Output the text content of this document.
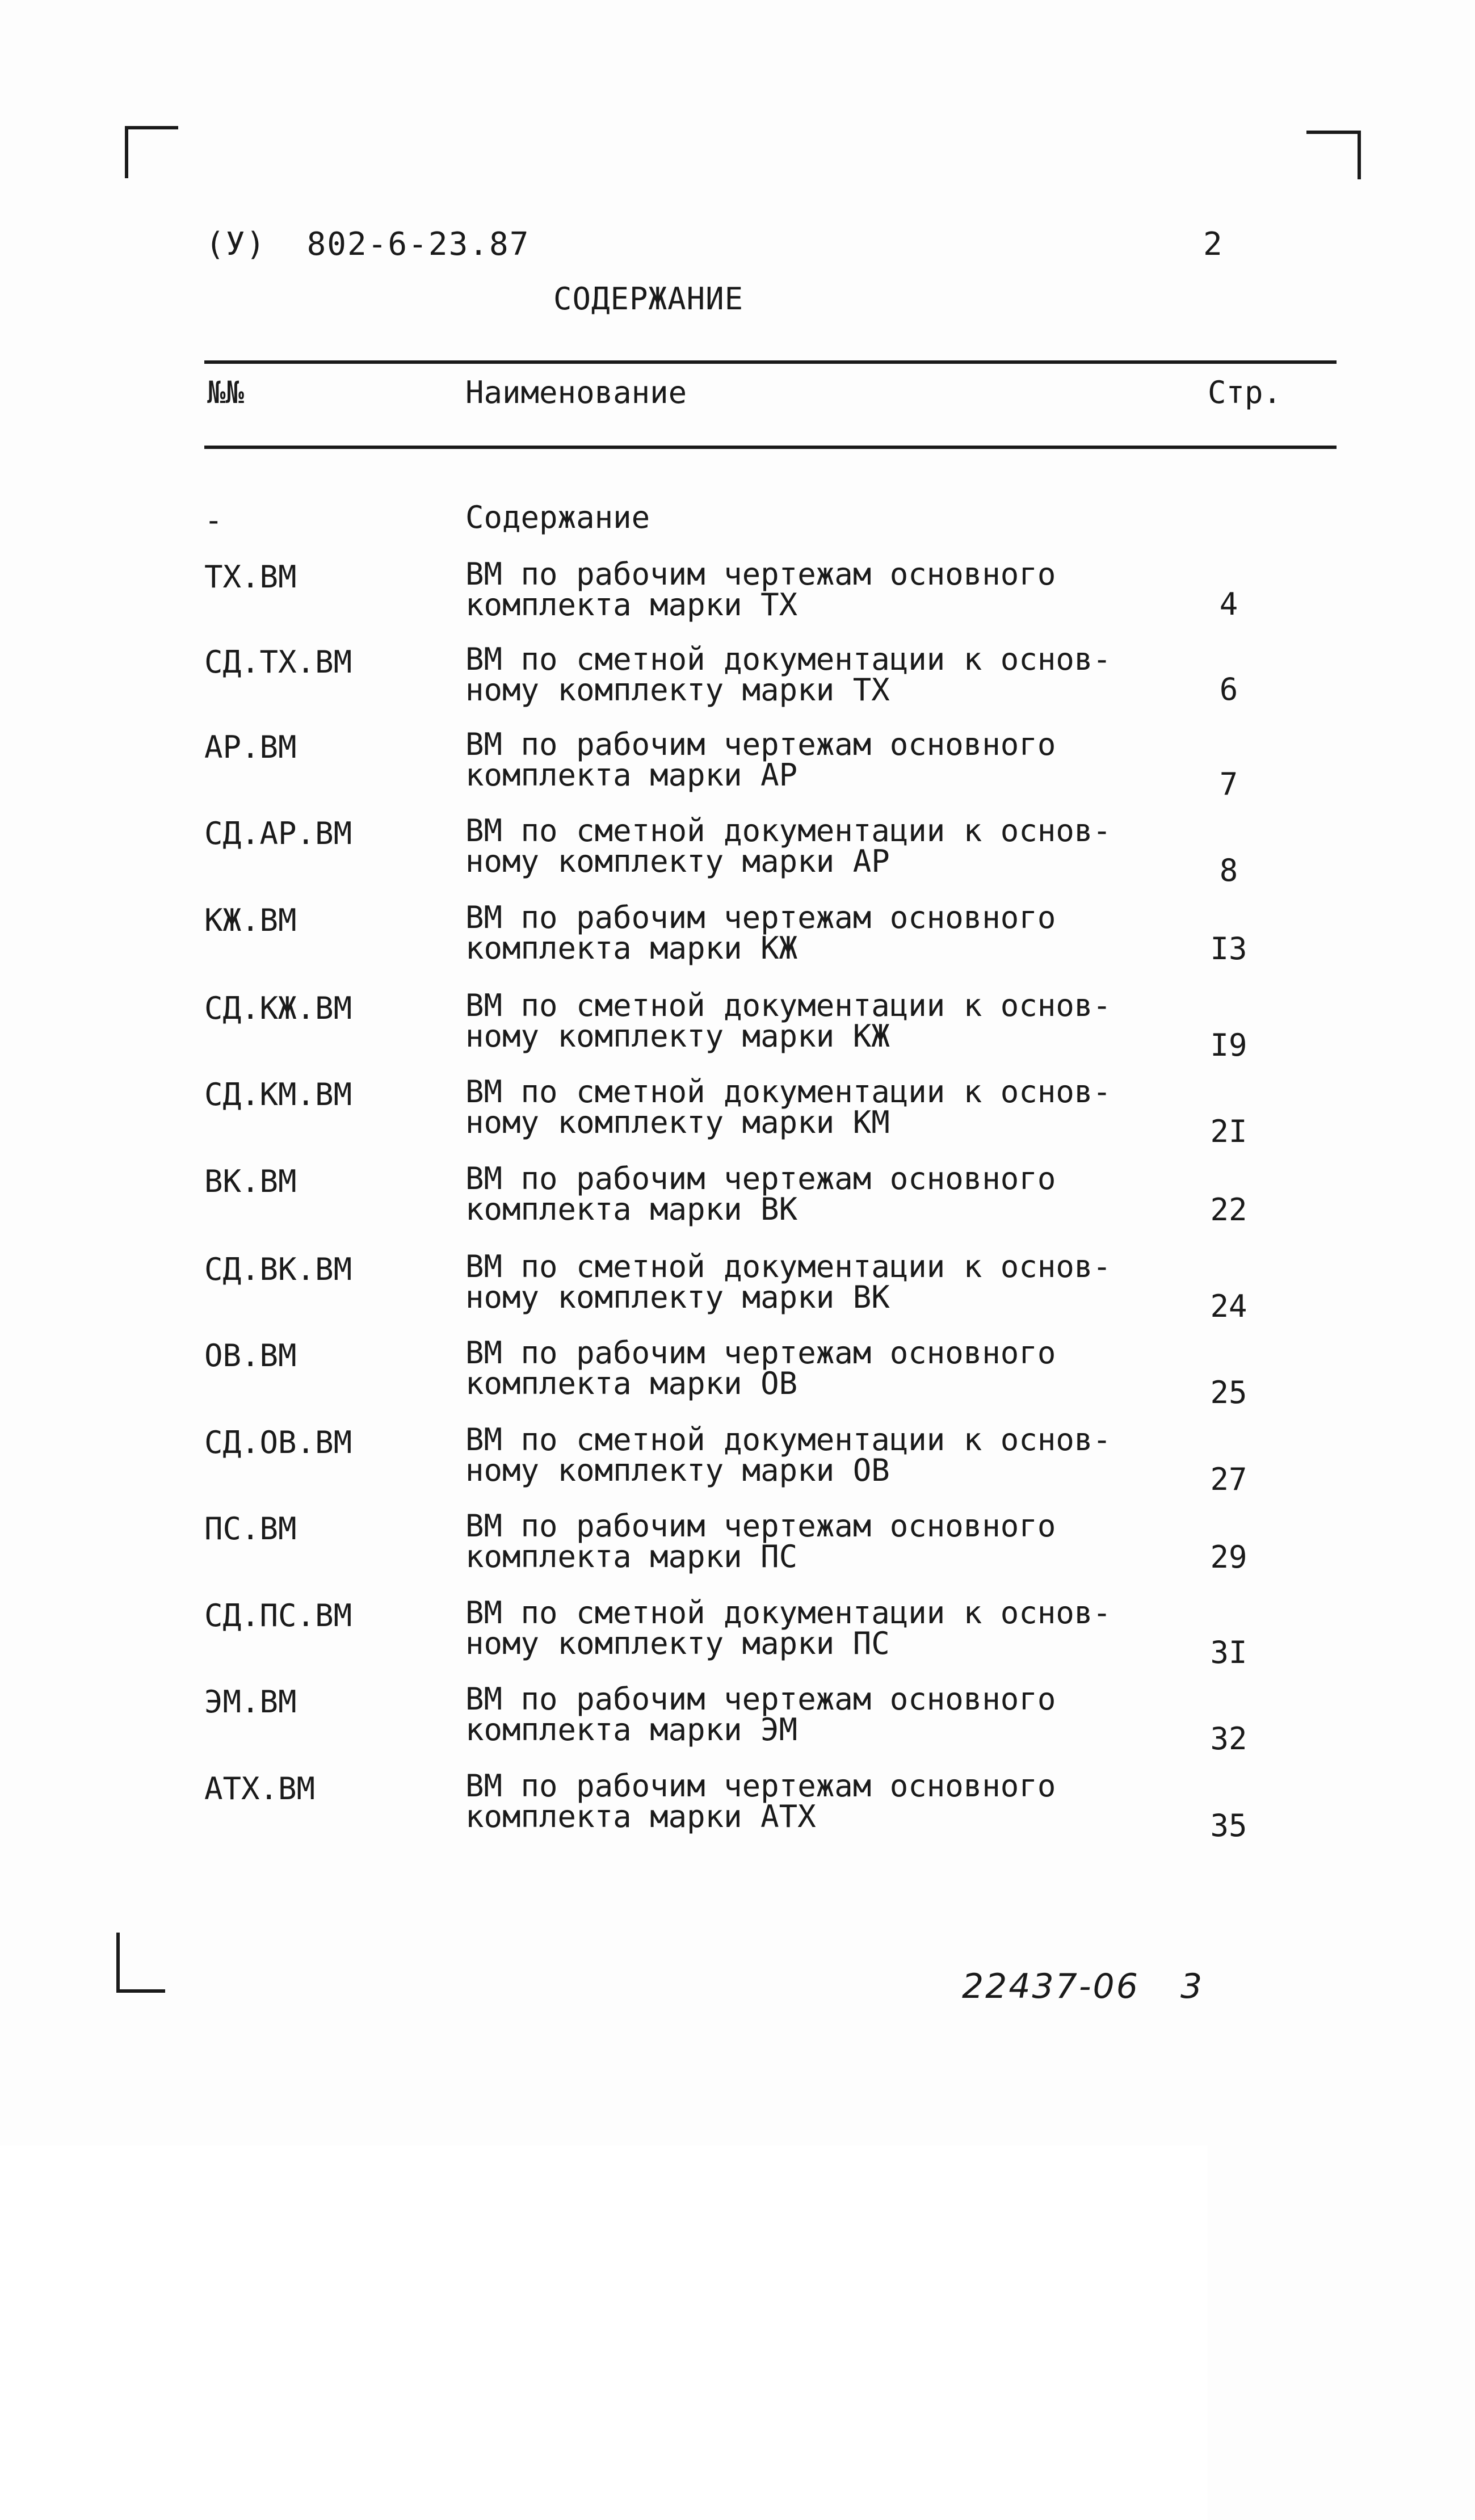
(У)  802-6-23.87	2
СОДЕРЖАНИЕ
№№	Наименование	Стр.
-	Содержание
ТХ.ВМ	ВМ по рабочим чертежам основного
комплекта марки ТХ	4
СД.ТХ.ВМ	ВМ по сметной документации к основ-
ному комплекту марки ТХ	6
АР.ВМ	ВМ по рабочим чертежам основного
комплекта марки АР	7
СД.АР.ВМ	ВМ по сметной документации к основ-
ному комплекту марки АР	8
КЖ.ВМ	ВМ по рабочим чертежам основного
комплекта марки КЖ	I3
СД.КЖ.ВМ	ВМ по сметной документации к основ-
ному комплекту марки КЖ	I9
СД.КМ.ВМ	ВМ по сметной документации к основ-
ному комплекту марки КМ	2I
ВК.ВМ	ВМ по рабочим чертежам основного
комплекта марки ВК	22
СД.ВК.ВМ	ВМ по сметной документации к основ-
ному комплекту марки ВК	24
ОВ.ВМ	ВМ по рабочим чертежам основного
комплекта марки ОВ	25
СД.ОВ.ВМ	ВМ по сметной документации к основ-
ному комплекту марки ОВ	27
ПС.ВМ	ВМ по рабочим чертежам основного
комплекта марки ПС	29
СД.ПС.ВМ	ВМ по сметной документации к основ-
ному комплекту марки ПС	3I
ЭМ.ВМ	ВМ по рабочим чертежам основного
комплекта марки ЭМ	32
АТХ.ВМ	ВМ по рабочим чертежам основного
комплекта марки АТХ	35
22437-06 3
